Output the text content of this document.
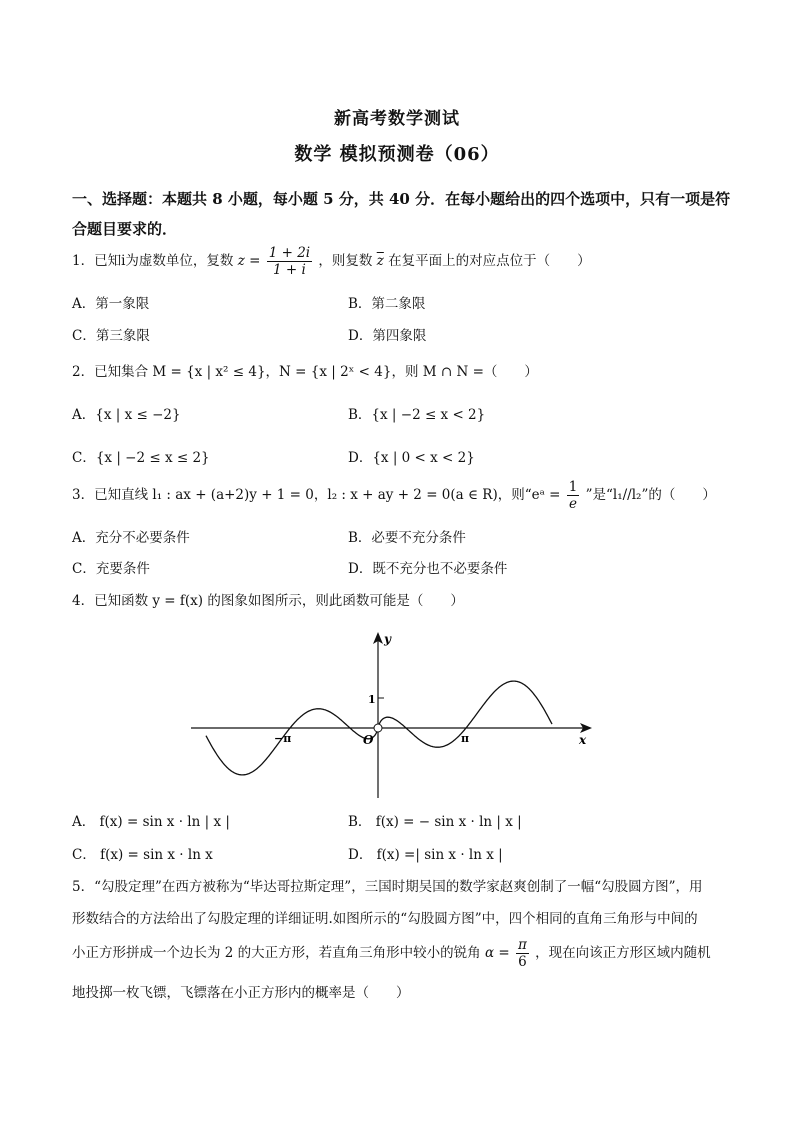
新高考数学测试
数学 模拟预测卷（06）
一、选择题：本题共 8 小题，每小题 5 分，共 40 分．在每小题给出的四个选项中，只有一项是符合题目要求的．
1．已知i为虚数单位，复数 $z = \frac{1 + 2i}{1 + i}$ ，则复数 $\overline{z}$ 在复平面上的对应点位于（　　）
A．第一象限	B．第二象限
C．第三象限	D．第四象限
2．已知集合 M = {x | x² ≤ 4}，N = {x | 2ˣ < 4}，则 M ∩ N =（　　）
A．{x | x ≤ −2}	B．{x | −2 ≤ x < 2}
C．{x | −2 ≤ x ≤ 2}	D．{x | 0 < x < 2}
3．已知直线 l₁ : ax + (a+2)y + 1 = 0，l₂ : x + ay + 2 = 0(a ∈ R)，则“eᵃ = $\frac{1}{e}$ ”是“l₁//l₂”的（　　）
A．充分不必要条件	B．必要不充分条件
C．充要条件	D．既不充分也不必要条件
4．已知函数 y = f(x) 的图象如图所示，则此函数可能是（　　）
y
x
1
O
−π	π
A． f(x) = sin x · ln | x |	B． f(x) = − sin x · ln | x |
C． f(x) = sin x · ln x	D． f(x) =| sin x · ln x |
5．“勾股定理”在西方被称为“毕达哥拉斯定理”，三国时期吴国的数学家赵爽创制了一幅“勾股圆方图”，用
形数结合的方法给出了勾股定理的详细证明.如图所示的“勾股圆方图”中，四个相同的直角三角形与中间的
小正方形拼成一个边长为 2 的大正方形，若直角三角形中较小的锐角 $\alpha = \frac{\pi}{6}$ ，现在向该正方形区域内随机
地投掷一枚飞镖，飞镖落在小正方形内的概率是（　　）
